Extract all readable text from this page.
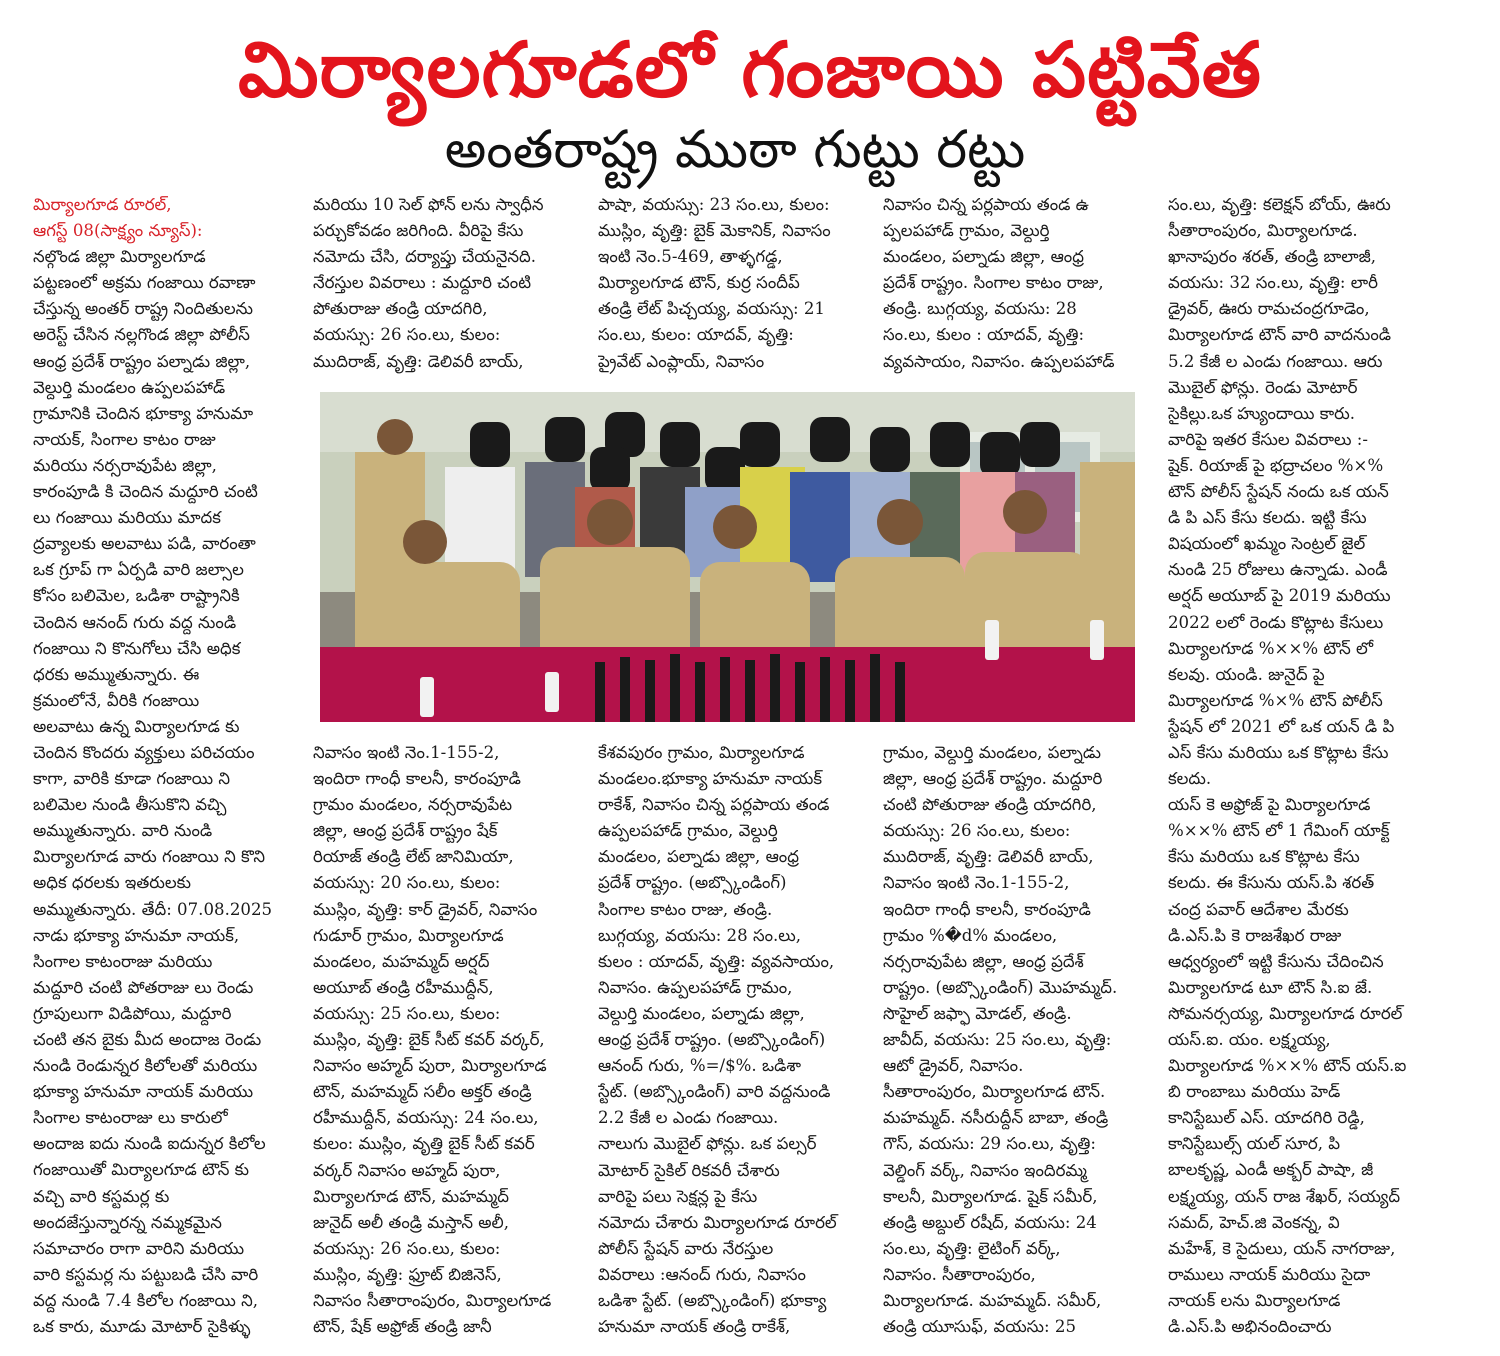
మిర్యాలగూడలో గంజాయి పట్టివేత
అంతరాష్ట్ర ముఠా గుట్టు రట్టు
మిర్యాలగూడ రూరల్,
ఆగస్ట్ 08(సాక్ష్యం న్యూస్):
నల్గొండ జిల్లా మిర్యాలగూడ
పట్టణంలో అక్రమ గంజాయి రవాణా
చేస్తున్న అంతర్ రాష్ట్ర నిందితులను
అరెస్ట్ చేసిన నల్లగొండ జిల్లా పోలీస్
ఆంధ్ర ప్రదేశ్ రాష్ట్రం పల్నాడు జిల్లా,
వెల్దుర్తి మండలం ఉప్పలపహాడ్
గ్రామానికి చెందిన భూక్యా హనుమా
నాయక్, సింగాల కాటం రాజు
మరియు నర్సరావుపేట జిల్లా,
కారంపూడి కి చెందిన మద్దూరి చంటి
లు గంజాయి మరియు మాదక
ద్రవ్యాలకు అలవాటు పడి, వారంతా
ఒక గ్రూప్ గా ఏర్పడి వారి జల్సాల
కోసం బలిమెల, ఒడిశా రాష్ట్రానికి
చెందిన ఆనంద్ గురు వద్ద నుండి
గంజాయి ని కొనుగోలు చేసి అధిక
ధరకు అమ్ముతున్నారు. ఈ
క్రమంలోనే, వీరికి గంజాయి
అలవాటు ఉన్న మిర్యాలగూడ కు
చెందిన కొందరు వ్యక్తులు పరిచయం
కాగా, వారికి కూడా గంజాయి ని
బలిమెల నుండి తీసుకొని వచ్చి
అమ్ముతున్నారు. వారి నుండి
మిర్యాలగూడ వారు గంజాయి ని కొని
అధిక ధరలకు ఇతరులకు
అమ్ముతున్నారు. తేదీ: 07.08.2025
నాడు భూక్యా హనుమా నాయక్,
సింగాల కాటంరాజు మరియు
మద్దూరి చంటి పోతరాజు లు రెండు
గ్రూపులుగా విడిపోయి, మద్దూరి
చంటి తన బైకు మీద అందాజ రెండు
నుండి రెండున్నర కిలోలతో మరియు
భూక్యా హనుమా నాయక్ మరియు
సింగాల కాటంరాజు లు కారులో
అందాజ ఐదు నుండి ఐదున్నర కిలోల
గంజాయితో మిర్యాలగూడ టౌన్ కు
వచ్చి వారి కస్టమర్ల కు
అందజేస్తున్నారన్న నమ్మకమైన
సమాచారం రాగా వారిని మరియు
వారి కస్టమర్ల ను పట్టుబడి చేసి వారి
వద్ద నుండి 7.4 కిలోల గంజాయి ని,
ఒక కారు, మూడు మోటార్ సైకిళ్ళు
మరియు 10 సెల్ ఫోన్ లను స్వాధీన
పర్చుకోవడం జరిగింది. వీరిపై కేసు
నమోదు చేసి, దర్యాప్తు చేయనైనది.
నేరస్తుల వివరాలు : మద్దూరి చంటి
పోతురాజు తండ్రి యాదగిరి,
వయస్సు: 26 సం.లు, కులం:
ముదిరాజ్, వృత్తి: డెలివరీ బాయ్,
పాషా, వయస్సు: 23 సం.లు, కులం:
ముస్లిం, వృత్తి: బైక్ మెకానిక్, నివాసం
ఇంటి నెం.5-469, తాళ్ళగడ్డ,
మిర్యాలగూడ టౌన్, కుర్ర సందీప్
తండ్రి లేట్ పిచ్చయ్య, వయస్సు: 21
సం.లు, కులం: యాదవ్, వృత్తి:
ప్రైవేట్ ఎంప్లాయ్, నివాసం
నివాసం చిన్న పర్లపాయ తండ ఉ
ప్పలపహాడ్ గ్రామం, వెల్దుర్తి
మండలం, పల్నాడు జిల్లా, ఆంధ్ర
ప్రదేశ్ రాష్ట్రం. సింగాల కాటం రాజు,
తండ్రి. బుగ్గయ్య, వయసు: 28
సం.లు, కులం : యాదవ్, వృత్తి:
వ్యవసాయం, నివాసం. ఉప్పలపహాడ్
సం.లు, వృత్తి: కలెక్షన్ బోయ్, ఊరు
సీతారాంపురం, మిర్యాలగూడ.
ఖానాపురం శరత్, తండ్రి బాలాజీ,
వయసు: 32 సం.లు, వృత్తి: లారీ
డ్రైవర్, ఊరు రామచంద్రగూడెం,
మిర్యాలగూడ టౌన్ వారి వాదనుండి
5.2 కేజీ ల ఎండు గంజాయి. ఆరు
మొబైల్ ఫోన్లు. రెండు మోటార్
సైకిల్లు.ఒక హ్యుందాయి కారు.
వారిపై ఇతర కేసుల వివరాలు :-
షైక్. రియాజ్ పై భద్రాచలం %×%
టౌన్ పోలీస్ స్టేషన్ నందు ఒక యన్
డి పి ఎస్ కేసు కలదు. ఇట్టి కేసు
విషయంలో ఖమ్మం సెంట్రల్ జైల్
నుండి 25 రోజులు ఉన్నాడు. ఎండీ
అర్షద్ అయూబ్ పై 2019 మరియు
2022 లలో రెండు కొట్లాట కేసులు
మిర్యాలగూడ %××% టౌన్ లో
కలవు. యండి. జునైద్ పై
మిర్యాలగూడ %×% టౌన్ పోలీస్
స్టేషన్ లో 2021 లో ఒక యన్ డి పి
ఎస్ కేసు మరియు ఒక కొట్లాట కేసు
కలదు.
యస్ కె అఫ్రోజ్ పై మిర్యాలగూడ
%××% టౌన్ లో 1 గేమింగ్ యాక్ట్
కేసు మరియు ఒక కొట్లాట కేసు
కలదు. ఈ కేసును యస్.పి శరత్
చంద్ర పవార్ ఆదేశాల మేరకు
డి.ఎస్.పి కె రాజశేఖర రాజు
ఆధ్వర్యంలో ఇట్టి కేసును చేదించిన
మిర్యాలగూడ టూ టౌన్ సి.ఐ జే.
సోమనర్సయ్య, మిర్యాలగూడ రూరల్
యస్.ఐ. యం. లక్ష్మయ్య,
మిర్యాలగూడ %××% టౌన్ యస్.ఐ
బి రాంబాబు మరియు హెడ్
కానిస్టేబుల్ ఎస్. యాదగిరి రెడ్డి,
కానిస్టేబుల్స్ యల్ సూర, పి
బాలకృష్ణ, ఎండీ అక్బర్ పాషా, జీ
లక్ష్మయ్య, యన్ రాజ శేఖర్, సయ్యద్
సమద్, హెచ్.జి వెంకన్న, వి
మహేశ్, కె సైదులు, యన్ నాగరాజు,
రాములు నాయక్ మరియు సైదా
నాయక్ లను మిర్యాలగూడ
డి.ఎస్.పి అభినందించారు
నివాసం ఇంటి నెం.1-155-2,
ఇందిరా గాంధీ కాలనీ, కారంపూడి
గ్రామం మండలం, నర్సరావుపేట
జిల్లా, ఆంధ్ర ప్రదేశ్ రాష్ట్రం షేక్
రియాజ్ తండ్రి లేట్ జానిమియా,
వయస్సు: 20 సం.లు, కులం:
ముస్లిం, వృత్తి: కార్ డ్రైవర్, నివాసం
గుడూర్ గ్రామం, మిర్యాలగూడ
మండలం, మహమ్మద్ అర్షద్
అయూబ్ తండ్రి రహీముద్దీన్,
వయస్సు: 25 సం.లు, కులం:
ముస్లిం, వృత్తి: బైక్ సీట్ కవర్ వర్కర్,
నివాసం అహ్మద్ పురా, మిర్యాలగూడ
టౌన్, మహమ్మద్ సలీం అక్తర్ తండ్రి
రహీముద్దీన్, వయస్సు: 24 సం.లు,
కులం: ముస్లిం, వృత్తి బైక్ సీట్ కవర్
వర్కర్ నివాసం అహ్మద్ పురా,
మిర్యాలగూడ టౌన్, మహమ్మద్
జునైద్ అలీ తండ్రి మస్తాన్ అలీ,
వయస్సు: 26 సం.లు, కులం:
ముస్లిం, వృత్తి: ఫ్రూట్ బిజినెస్,
నివాసం సీతారాంపురం, మిర్యాలగూడ
టౌన్, షేక్ అఫ్రోజ్ తండ్రి జానీ
కేశవపురం గ్రామం, మిర్యాలగూడ
మండలం.భూక్యా హనుమా నాయక్
రాకేశ్, నివాసం చిన్న పర్లపాయ తండ
ఉప్పలపహాడ్ గ్రామం, వెల్దుర్తి
మండలం, పల్నాడు జిల్లా, ఆంధ్ర
ప్రదేశ్ రాష్ట్రం. (అబ్స్కొండింగ్)
సింగాల కాటం రాజు, తండ్రి.
బుగ్గయ్య, వయసు: 28 సం.లు,
కులం : యాదవ్, వృత్తి: వ్యవసాయం,
నివాసం. ఉప్పలపహాడ్ గ్రామం,
వెల్దుర్తి మండలం, పల్నాడు జిల్లా,
ఆంధ్ర ప్రదేశ్ రాష్ట్రం. (అబ్స్కొండింగ్)
ఆనంద్ గురు, %=/$%. ఒడిశా
స్టేట్. (అబ్స్కొండింగ్) వారి వద్దనుండి
2.2 కేజీ ల ఎండు గంజాయి.
నాలుగు మొబైల్ ఫోన్లు. ఒక పల్సర్
మోటార్ సైకిల్ రికవరీ చేశారు
వారిపై పలు సెక్షన్ల పై కేసు
నమోదు చేశారు మిర్యాలగూడ రూరల్
పోలీస్ స్టేషన్ వారు నేరస్తుల
వివరాలు :ఆనంద్ గురు, నివాసం
ఒడిశా స్టేట్. (అబ్స్కొండింగ్) భూక్యా
హనుమా నాయక్ తండ్రి రాకేశ్,
గ్రామం, వెల్దుర్తి మండలం, పల్నాడు
జిల్లా, ఆంధ్ర ప్రదేశ్ రాష్ట్రం. మద్దూరి
చంటి పోతురాజు తండ్రి యాదగిరి,
వయస్సు: 26 సం.లు, కులం:
ముదిరాజ్, వృత్తి: డెలివరీ బాయ్,
నివాసం ఇంటి నెం.1-155-2,
ఇందిరా గాంధీ కాలనీ, కారంపూడి
గ్రామం %�d% మండలం,
నర్సరావుపేట జిల్లా, ఆంధ్ర ప్రదేశ్
రాష్ట్రం. (అబ్స్కొండింగ్) మొహమ్మద్.
సొహైల్ జఫ్ఫా మోడల్, తండ్రి.
జావీద్, వయసు: 25 సం.లు, వృత్తి:
ఆటో డ్రైవర్, నివాసం.
సీతారాంపురం, మిర్యాలగూడ టౌన్.
మహమ్మద్. నసీరుద్దీన్ బాబా, తండ్రి
గౌస్, వయసు: 29 సం.లు, వృత్తి:
వెల్డింగ్ వర్క్, నివాసం ఇందిరమ్మ
కాలనీ, మిర్యాలగూడ. షైక్ సమీర్,
తండ్రి అబ్దుల్ రషీద్, వయసు: 24
సం.లు, వృత్తి: లైటింగ్ వర్క్,
నివాసం. సీతారాంపురం,
మిర్యాలగూడ. మహమ్మద్. సమీర్,
తండ్రి యూసుఫ్, వయసు: 25
